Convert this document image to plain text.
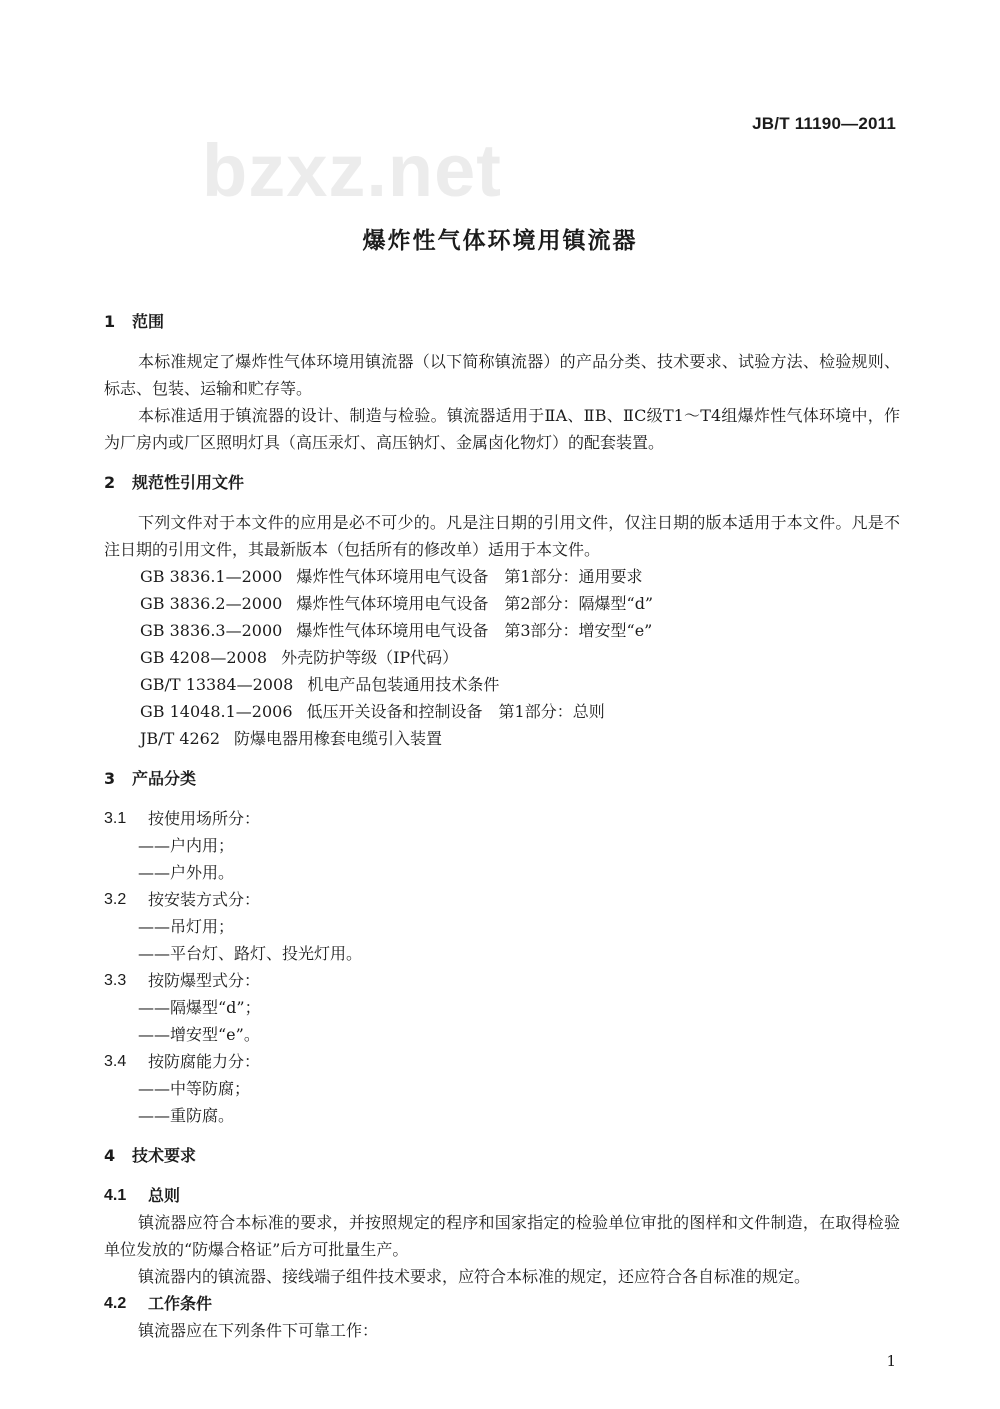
JB/T 11190—2011
bzxz.net
爆炸性气体环境用镇流器
1 范围
本标准规定了爆炸性气体环境用镇流器（以下简称镇流器）的产品分类、技术要求、试验方法、检验规则、标志、包装、运输和贮存等。
本标准适用于镇流器的设计、制造与检验。镇流器适用于ⅡA、ⅡB、ⅡC级T1～T4组爆炸性气体环境中，作为厂房内或厂区照明灯具（高压汞灯、高压钠灯、金属卤化物灯）的配套装置。
2 规范性引用文件
下列文件对于本文件的应用是必不可少的。凡是注日期的引用文件，仅注日期的版本适用于本文件。凡是不注日期的引用文件，其最新版本（包括所有的修改单）适用于本文件。
GB 3836.1—2000 爆炸性气体环境用电气设备　第1部分：通用要求
GB 3836.2—2000 爆炸性气体环境用电气设备　第2部分：隔爆型“d”
GB 3836.3—2000 爆炸性气体环境用电气设备　第3部分：增安型“e”
GB 4208—2008 外壳防护等级（IP代码）
GB/T 13384—2008 机电产品包装通用技术条件
GB 14048.1—2006 低压开关设备和控制设备　第1部分：总则
JB/T 4262 防爆电器用橡套电缆引入装置
3 产品分类
3.1	按使用场所分：
——户内用；
——户外用。
3.2	按安装方式分：
——吊灯用；
——平台灯、路灯、投光灯用。
3.3	按防爆型式分：
——隔爆型“d”；
——增安型“e”。
3.4	按防腐能力分：
——中等防腐；
——重防腐。
4 技术要求
4.1	总则
镇流器应符合本标准的要求，并按照规定的程序和国家指定的检验单位审批的图样和文件制造，在取得检验单位发放的“防爆合格证”后方可批量生产。
镇流器内的镇流器、接线端子组件技术要求，应符合本标准的规定，还应符合各自标准的规定。
4.2	工作条件
镇流器应在下列条件下可靠工作：
1
